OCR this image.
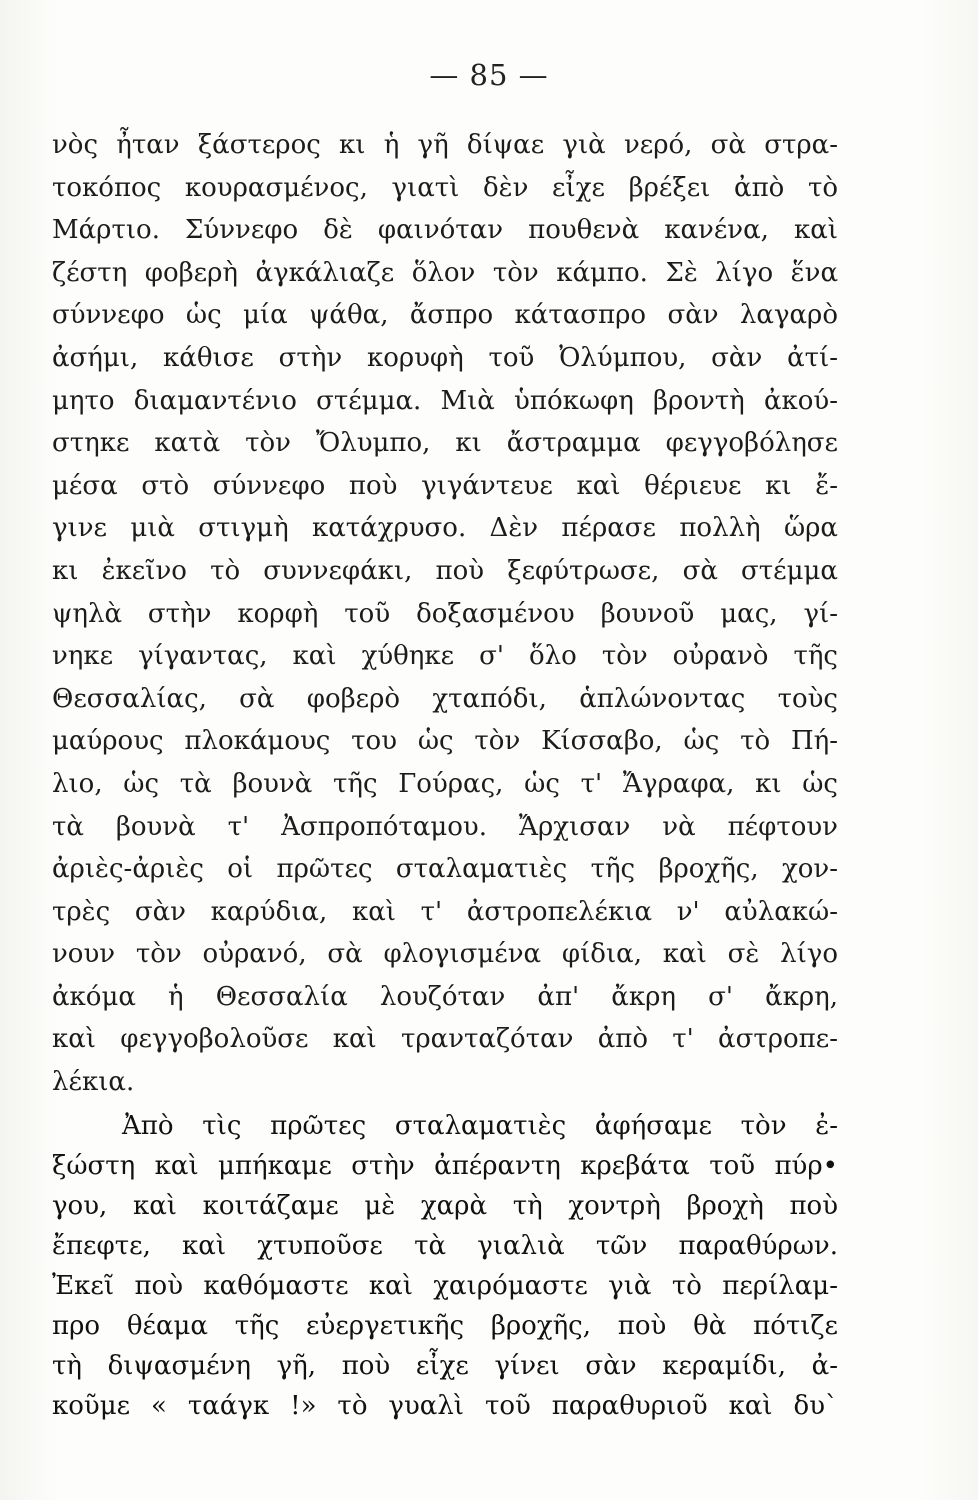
— 85 —
νὸς ἦταν ξάστερος κι ἡ γῆ δίψαε γιὰ νερό, σὰ στρα-
τοκόπος κουρασμένος, γιατὶ δὲν εἶχε βρέξει ἀπὸ τὸ
Μάρτιο. Σύννεφο δὲ φαινόταν πουθενὰ κανένα, καὶ
ζέστη φοβερὴ ἀγκάλιαζε ὅλον τὸν κάμπο. Σὲ λίγο ἕνα
σύννεφο ὡς μία ψάθα, ἄσπρο κάτασπρο σὰν λαγαρὸ
ἀσήμι, κάθισε στὴν κορυφὴ τοῦ Ὀλύμπου, σὰν ἀτί-
μητο διαμαντένιο στέμμα. Μιὰ ὑπόκωφη βροντὴ ἀκού-
στηκε κατὰ τὸν Ὄλυμπο, κι ἄστραμμα φεγγοβόλησε
μέσα στὸ σύννεφο ποὺ γιγάντευε καὶ θέριευε κι ἔ-
γινε μιὰ στιγμὴ κατάχρυσο. Δὲν πέρασε πολλὴ ὥρα
κι ἐκεῖνο τὸ συννεφάκι, ποὺ ξεφύτρωσε, σὰ στέμμα
ψηλὰ στὴν κορφὴ τοῦ δοξασμένου βουνοῦ μας, γί-
νηκε γίγαντας, καὶ χύθηκε σ' ὅλο τὸν οὐρανὸ τῆς
Θεσσαλίας, σὰ φοβερὸ χταπόδι, ἁπλώνοντας τοὺς
μαύρους πλοκάμους του ὡς τὸν Κίσσαβο, ὡς τὸ Πή-
λιο, ὡς τὰ βουνὰ τῆς Γούρας, ὡς τ' Ἄγραφα, κι ὡς
τὰ βουνὰ τ' Ἀσπροπόταμου. Ἄρχισαν νὰ πέφτουν
ἀριὲς-ἀριὲς οἱ πρῶτες σταλαματιὲς τῆς βροχῆς, χον-
τρὲς σὰν καρύδια, καὶ τ' ἀστροπελέκια ν' αὐλακώ-
νουν τὸν οὐρανό, σὰ φλογισμένα φίδια, καὶ σὲ λίγο
ἀκόμα ἡ Θεσσαλία λουζόταν ἀπ' ἄκρη σ' ἄκρη,
καὶ φεγγοβολοῦσε καὶ τρανταζόταν ἀπὸ τ' ἀστροπε-
λέκια.
Ἀπὸ τὶς πρῶτες σταλαματιὲς ἀφήσαμε τὸν ἐ-
ξώστη καὶ μπήκαμε στὴν ἀπέραντη κρεβάτα τοῦ πύρ•
γου, καὶ κοιτάζαμε μὲ χαρὰ τὴ χοντρὴ βροχὴ ποὺ
ἔπεφτε, καὶ χτυποῦσε τὰ γιαλιὰ τῶν παραθύρων.
Ἐκεῖ ποὺ καθόμαστε καὶ χαιρόμαστε γιὰ τὸ περίλαμ-
προ θέαμα τῆς εὐεργετικῆς βροχῆς, ποὺ θὰ πότιζε
τὴ διψασμένη γῆ, ποὺ εἶχε γίνει σὰν κεραμίδι, ἀ-
κοῦμε « ταάγκ !» τὸ γυαλὶ τοῦ παραθυριοῦ καὶ δυ`
